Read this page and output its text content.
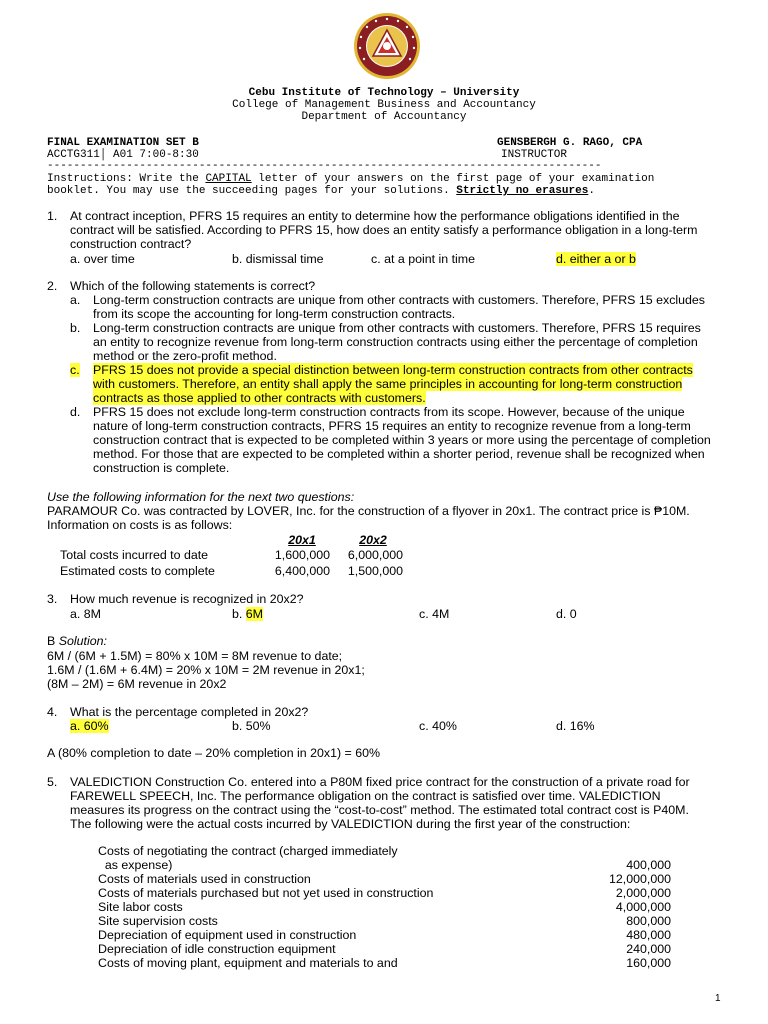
Cebu Institute of Technology – University
College of Management Business and Accountancy
Department of Accountancy
FINAL EXAMINATION SET B
ACCTG311│ A01 7:00-8:30
GENSBERGH G. RAGO, CPA
INSTRUCTOR
------------------------------------------------------------------------------------
Instructions: Write the CAPITAL letter of your answers on the first page of your examination
booklet. You may use the succeeding pages for your solutions. Strictly no erasures.
1. At contract inception, PFRS 15 requires an entity to determine how the performance obligations identified in the
contract will be satisfied. According to PFRS 15, how does an entity satisfy a performance obligation in a long-term
construction contract?
a. over time	b. dismissal time	c. at a point in time	d. either a or b
2. Which of the following statements is correct?
a. Long-term construction contracts are unique from other contracts with customers. Therefore, PFRS 15 excludes
from its scope the accounting for long-term construction contracts.
b. Long-term construction contracts are unique from other contracts with customers. Therefore, PFRS 15 requires
an entity to recognize revenue from long-term construction contracts using either the percentage of completion
method or the zero-profit method.
c. PFRS 15 does not provide a special distinction between long-term construction contracts from other contracts
with customers. Therefore, an entity shall apply the same principles in accounting for long-term construction
contracts as those applied to other contracts with customers.
d. PFRS 15 does not exclude long-term construction contracts from its scope. However, because of the unique
nature of long-term construction contracts, PFRS 15 requires an entity to recognize revenue from a long-term
construction contract that is expected to be completed within 3 years or more using the percentage of completion
method. For those that are expected to be completed within a shorter period, revenue shall be recognized when
construction is complete.
Use the following information for the next two questions:
PARAMOUR Co. was contracted by LOVER, Inc. for the construction of a flyover in 20x1. The contract price is ₱10M.
Information on costs is as follows:
20x1	20x2
Total costs incurred to date	1,600,000	6,000,000
Estimated costs to complete	6,400,000	1,500,000
3. How much revenue is recognized in 20x2?
a. 8M	b. 6M	c. 4M	d. 0
B Solution:
6M / (6M + 1.5M) = 80% x 10M = 8M revenue to date;
1.6M / (1.6M + 6.4M) = 20% x 10M = 2M revenue in 20x1;
(8M – 2M) = 6M revenue in 20x2
4. What is the percentage completed in 20x2?
a. 60%	b. 50%	c. 40%	d. 16%
A (80% completion to date – 20% completion in 20x1) = 60%
5. VALEDICTION Construction Co. entered into a P80M fixed price contract for the construction of a private road for
FAREWELL SPEECH, Inc. The performance obligation on the contract is satisfied over time. VALEDICTION
measures its progress on the contract using the “cost-to-cost” method. The estimated total contract cost is P40M.
The following were the actual costs incurred by VALEDICTION during the first year of the construction:
Costs of negotiating the contract (charged immediately
as expense)	400,000
Costs of materials used in construction	12,000,000
Costs of materials purchased but not yet used in construction	2,000,000
Site labor costs	4,000,000
Site supervision costs	800,000
Depreciation of equipment used in construction	480,000
Depreciation of idle construction equipment	240,000
Costs of moving plant, equipment and materials to and	160,000
1
